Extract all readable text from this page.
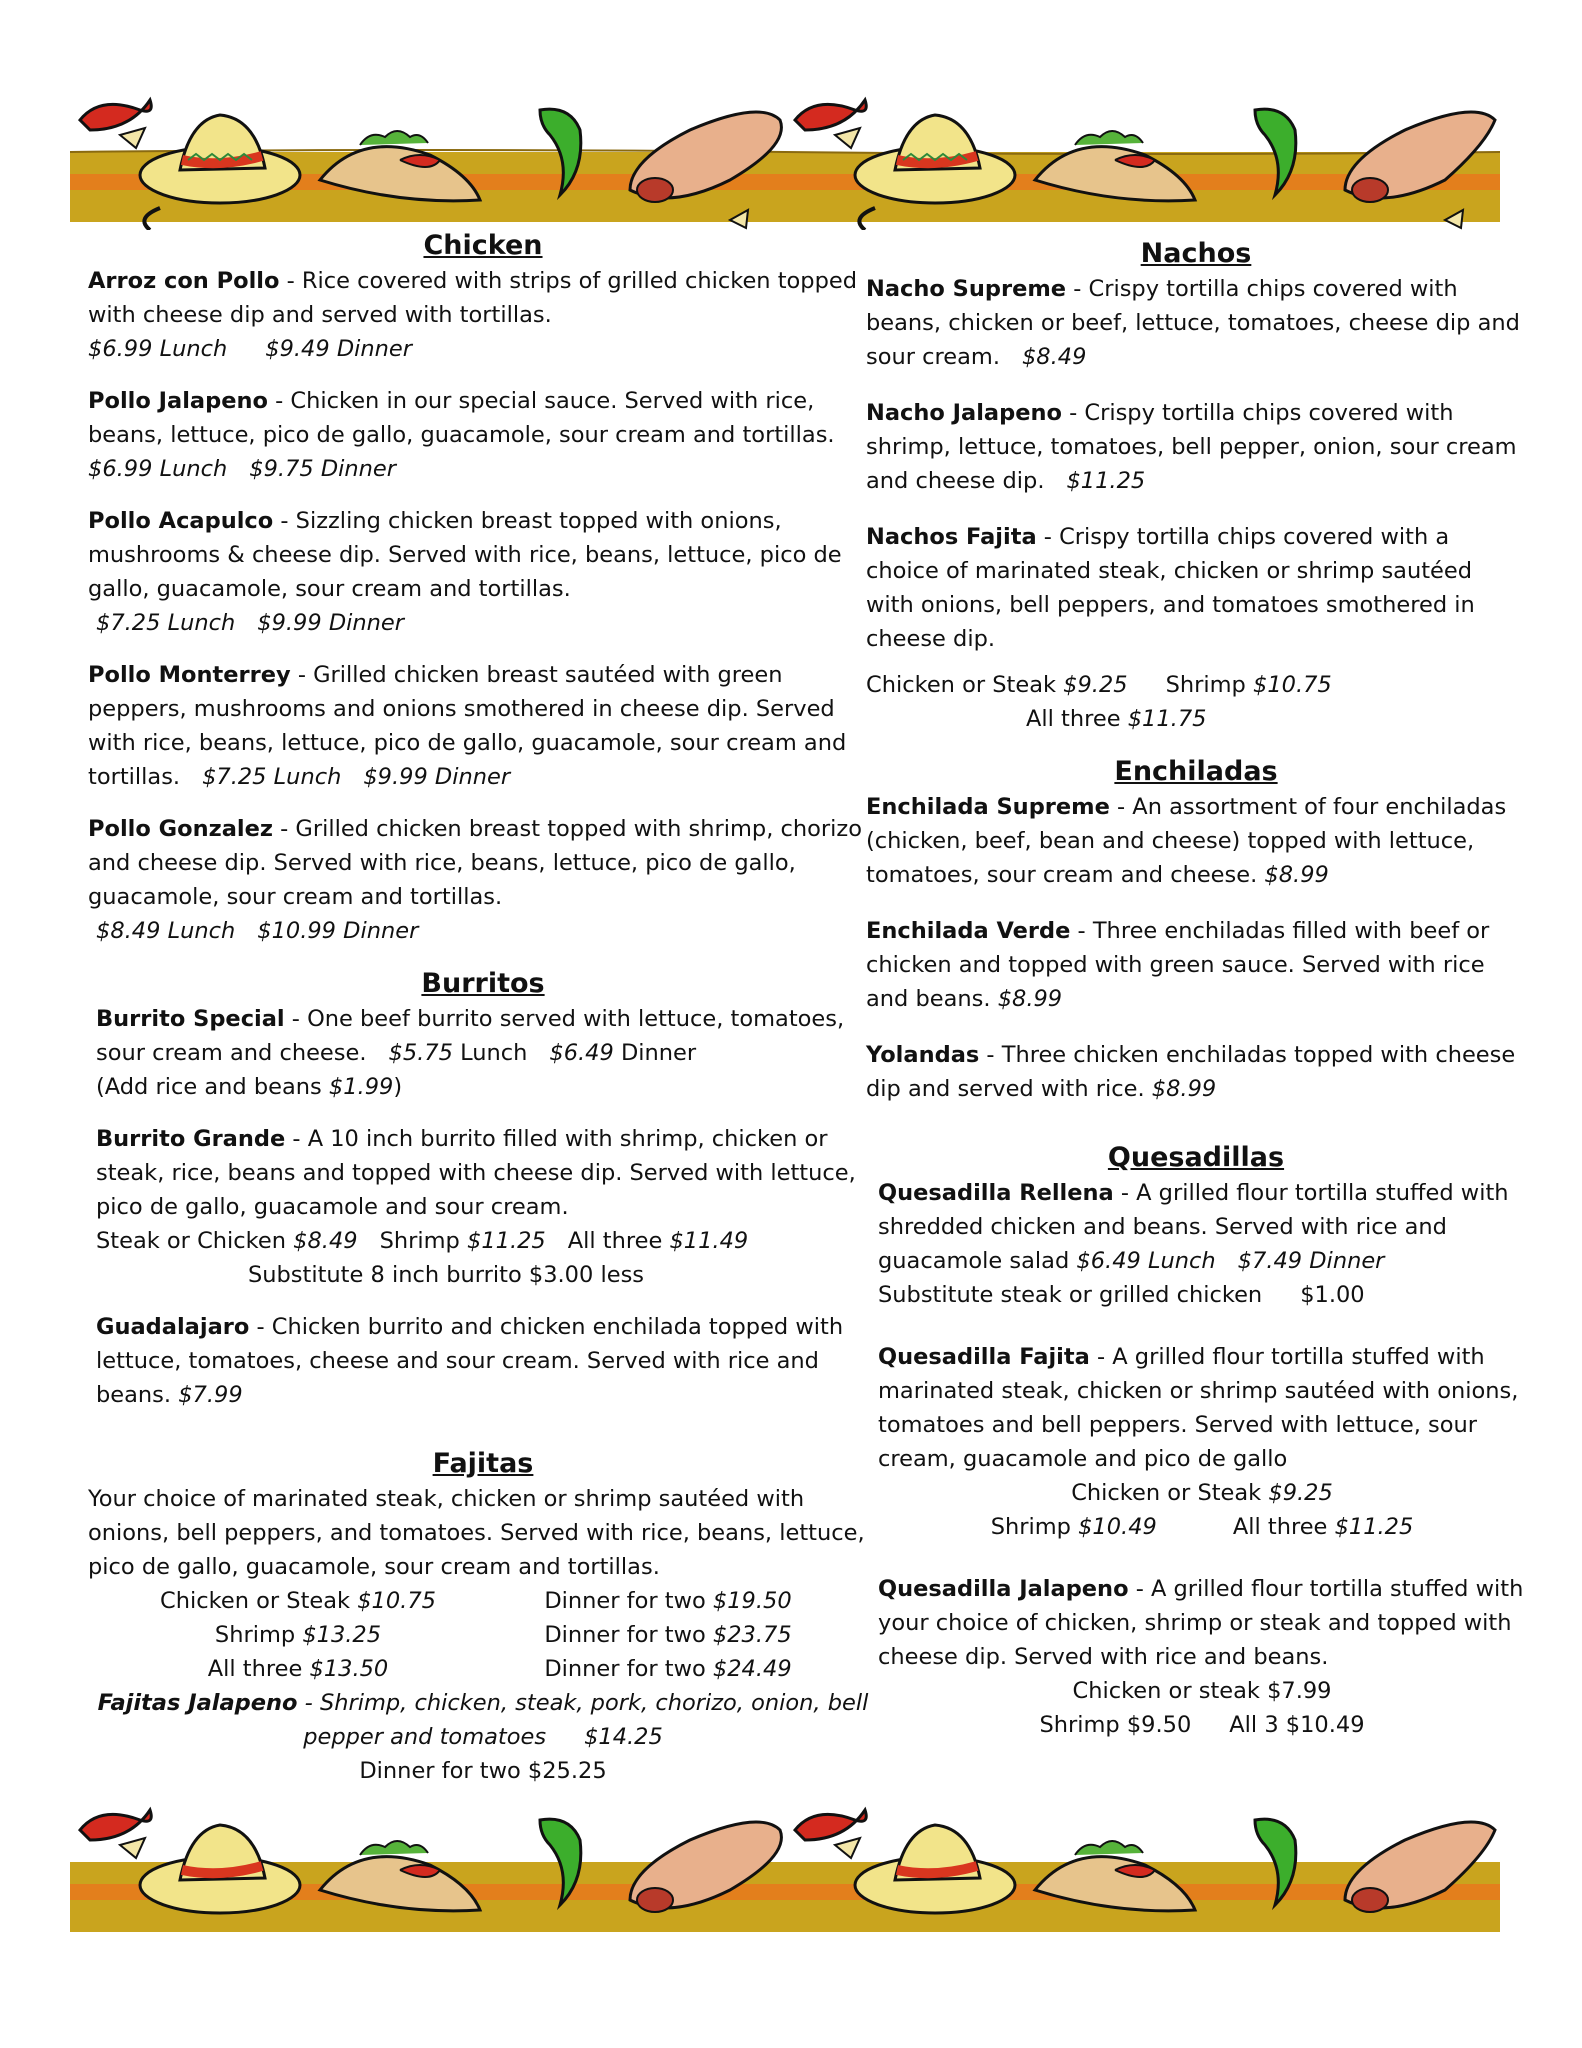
Chicken

Arroz con Pollo - Rice covered with strips of grilled chicken topped with cheese dip and served with tortillas.

$6.99 Lunch $9.49 Dinner

Pollo Jalapeno - Chicken in our special sauce. Served with rice, beans, lettuce, pico de gallo, guacamole, sour cream and tortillas.

$6.99 Lunch $9.75 Dinner

Pollo Acapulco - Sizzling chicken breast topped with onions, mushrooms & cheese dip. Served with rice, beans, lettuce, pico de gallo, guacamole, sour cream and tortillas.

$7.25 Lunch $9.99 Dinner

Pollo Monterrey - Grilled chicken breast sautéed with green peppers, mushrooms and onions smothered in cheese dip. Served with rice, beans, lettuce, pico de gallo, guacamole, sour cream and tortillas. $7.25 Lunch $9.99 Dinner

Pollo Gonzalez - Grilled chicken breast topped with shrimp, chorizo and cheese dip. Served with rice, beans, lettuce, pico de gallo, guacamole, sour cream and tortillas.

$8.49 Lunch $10.99 Dinner

Burritos

Burrito Special - One beef burrito served with lettuce, tomatoes, sour cream and cheese. $5.75 Lunch $6.49 Dinner

(Add rice and beans $1.99)

Burrito Grande - A 10 inch burrito filled with shrimp, chicken or steak, rice, beans and topped with cheese dip. Served with lettuce, pico de gallo, guacamole and sour cream.

Steak or Chicken $8.49 Shrimp $11.25 All three $11.49

Substitute 8 inch burrito $3.00 less

Guadalajaro - Chicken burrito and chicken enchilada topped with lettuce, tomatoes, cheese and sour cream. Served with rice and beans. $7.99

Fajitas

Your choice of marinated steak, chicken or shrimp sautéed with onions, bell peppers, and tomatoes. Served with rice, beans, lettuce, pico de gallo, guacamole, sour cream and tortillas.

Chicken or Steak $10.75	Dinner for two $19.50
Shrimp $13.25	Dinner for two $23.75
All three $13.50	Dinner for two $24.49

Fajitas Jalapeno - Shrimp, chicken, steak, pork, chorizo, onion, bell pepper and tomatoes $14.25

Dinner for two $25.25

Nachos

Nacho Supreme - Crispy tortilla chips covered with beans, chicken or beef, lettuce, tomatoes, cheese dip and sour cream. $8.49

Nacho Jalapeno - Crispy tortilla chips covered with shrimp, lettuce, tomatoes, bell pepper, onion, sour cream and cheese dip. $11.25

Nachos Fajita - Crispy tortilla chips covered with a choice of marinated steak, chicken or shrimp sautéed with onions, bell peppers, and tomatoes smothered in cheese dip.

Chicken or Steak $9.25 Shrimp $10.75

All three $11.75

Enchiladas

Enchilada Supreme - An assortment of four enchiladas (chicken, beef, bean and cheese) topped with lettuce, tomatoes, sour cream and cheese. $8.99

Enchilada Verde - Three enchiladas filled with beef or chicken and topped with green sauce. Served with rice and beans. $8.99

Yolandas - Three chicken enchiladas topped with cheese dip and served with rice. $8.99

Quesadillas

Quesadilla Rellena - A grilled flour tortilla stuffed with shredded chicken and beans. Served with rice and guacamole salad $6.49 Lunch $7.49 Dinner

Substitute steak or grilled chicken $1.00

Quesadilla Fajita - A grilled flour tortilla stuffed with marinated steak, chicken or shrimp sautéed with onions, tomatoes and bell peppers. Served with lettuce, sour cream, guacamole and pico de gallo

Chicken or Steak $9.25

Shrimp $10.49	All three $11.25

Quesadilla Jalapeno - A grilled flour tortilla stuffed with your choice of chicken, shrimp or steak and topped with cheese dip. Served with rice and beans.

Chicken or steak $7.99

Shrimp $9.50 All 3 $10.49
